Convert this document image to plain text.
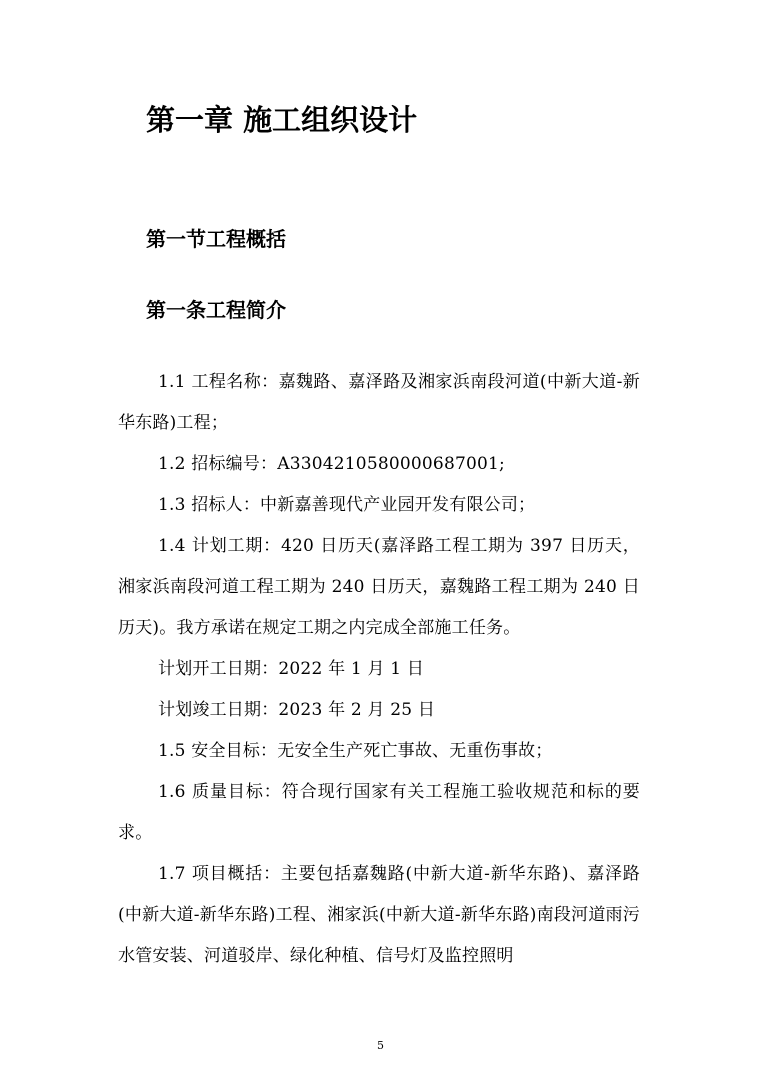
第一章 施工组织设计
第一节工程概括
第一条工程简介

1.1 工程名称：嘉魏路、嘉泽路及湘家浜南段河道(中新大道-新华东路)工程；

1.2 招标编号：A3304210580000687001;

1.3 招标人：中新嘉善现代产业园开发有限公司；

1.4 计划工期：420 日历天(嘉泽路工程工期为 397 日历天，湘家浜南段河道工程工期为 240 日历天，嘉魏路工程工期为 240 日历天)。我方承诺在规定工期之内完成全部施工任务。

计划开工日期：2022 年 1 月 1 日

计划竣工日期：2023 年 2 月 25 日

1.5 安全目标：无安全生产死亡事故、无重伤事故；

1.6 质量目标：符合现行国家有关工程施工验收规范和标的要求。

1.7 项目概括：主要包括嘉魏路(中新大道-新华东路)、嘉泽路(中新大道-新华东路)工程、湘家浜(中新大道-新华东路)南段河道雨污水管安装、河道驳岸、绿化种植、信号灯及监控照明

5
